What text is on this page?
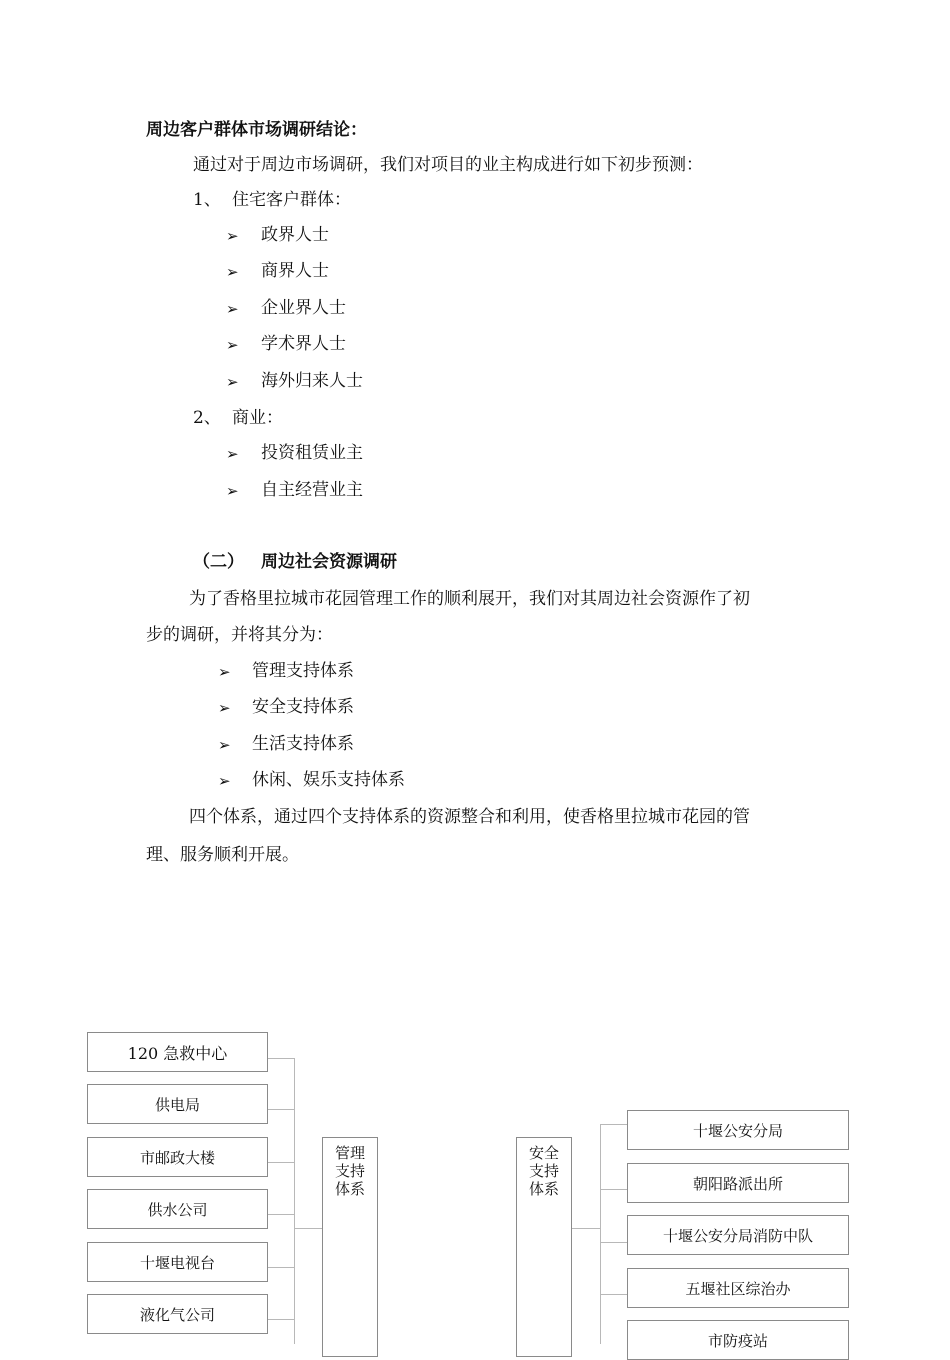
周边客户群体市场调研结论：
通过对于周边市场调研，我们对项目的业主构成进行如下初步预测：
1、 住宅客户群体：
➢ 政界人士
➢ 商界人士
➢ 企业界人士
➢ 学术界人士
➢ 海外归来人士
2、 商业：
➢ 投资租赁业主
➢ 自主经营业主
（二） 周边社会资源调研
为了香格里拉城市花园管理工作的顺利展开，我们对其周边社会资源作了初
步的调研，并将其分为：
➢ 管理支持体系
➢ 安全支持体系
➢ 生活支持体系
➢ 休闲、娱乐支持体系
四个体系，通过四个支持体系的资源整合和利用，使香格里拉城市花园的管
理、服务顺利开展。
120 急救中心
供电局
市邮政大楼
供水公司
十堰电视台
液化气公司
管理
支持
体系
安全
支持
体系
十堰公安分局
朝阳路派出所
十堰公安分局消防中队
五堰社区综治办
市防疫站
